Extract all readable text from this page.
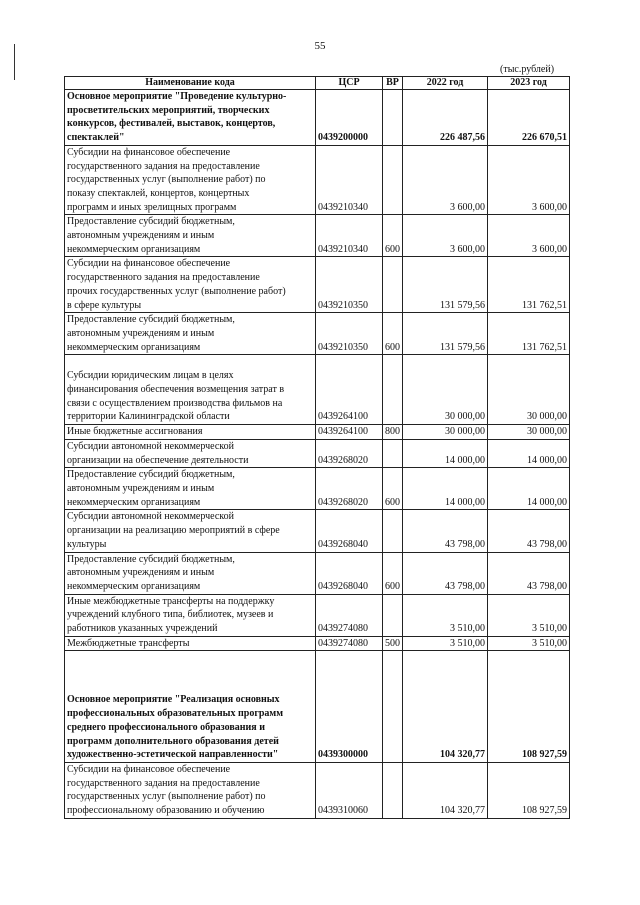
55
(тыс.рублей)
Наименование кода	ЦСР	ВР	2022 год	2023 год

Основное мероприятие "Проведение культурно-
просветительских мероприятий, творческих
конкурсов, фестивалей, выставок, концертов,
спектаклей"	0439200000		226 487,56	226 670,51

Субсидии на финансовое обеспечение
государственного задания на предоставление
государственных услуг (выполнение работ) по
показу спектаклей, концертов, концертных
программ и иных зрелищных программ	0439210340		3 600,00	3 600,00

Предоставление субсидий бюджетным,
автономным учреждениям и иным
некоммерческим организациям	0439210340	600	3 600,00	3 600,00

Субсидии на финансовое обеспечение
государственного задания на предоставление
прочих государственных услуг (выполнение работ)
в сфере культуры	0439210350		131 579,56	131 762,51

Предоставление субсидий бюджетным,
автономным учреждениям и иным
некоммерческим организациям	0439210350	600	131 579,56	131 762,51

Субсидии юридическим лицам в целях
финансирования обеспечения возмещения затрат в
связи с осуществлением производства фильмов на
территории Калининградской области	0439264100		30 000,00	30 000,00

Иные бюджетные ассигнования	0439264100	800	30 000,00	30 000,00

Субсидии автономной некоммерческой
организации на обеспечение деятельности	0439268020		14 000,00	14 000,00

Предоставление субсидий бюджетным,
автономным учреждениям и иным
некоммерческим организациям	0439268020	600	14 000,00	14 000,00

Субсидии автономной некоммерческой
организации на реализацию мероприятий в сфере
культуры	0439268040		43 798,00	43 798,00

Предоставление субсидий бюджетным,
автономным учреждениям и иным
некоммерческим организациям	0439268040	600	43 798,00	43 798,00

Иные межбюджетные трансферты на поддержку
учреждений клубного типа, библиотек, музеев и
работников указанных учреждений	0439274080		3 510,00	3 510,00

Межбюджетные трансферты	0439274080	500	3 510,00	3 510,00

Основное мероприятие "Реализация основных
профессиональных образовательных программ
среднего профессионального образования и
программ дополнительного образования детей
художественно-эстетической направленности"	0439300000		104 320,77	108 927,59

Субсидии на финансовое обеспечение
государственного задания на предоставление
государственных услуг (выполнение работ) по
профессиональному образованию и обучению	0439310060		104 320,77	108 927,59
